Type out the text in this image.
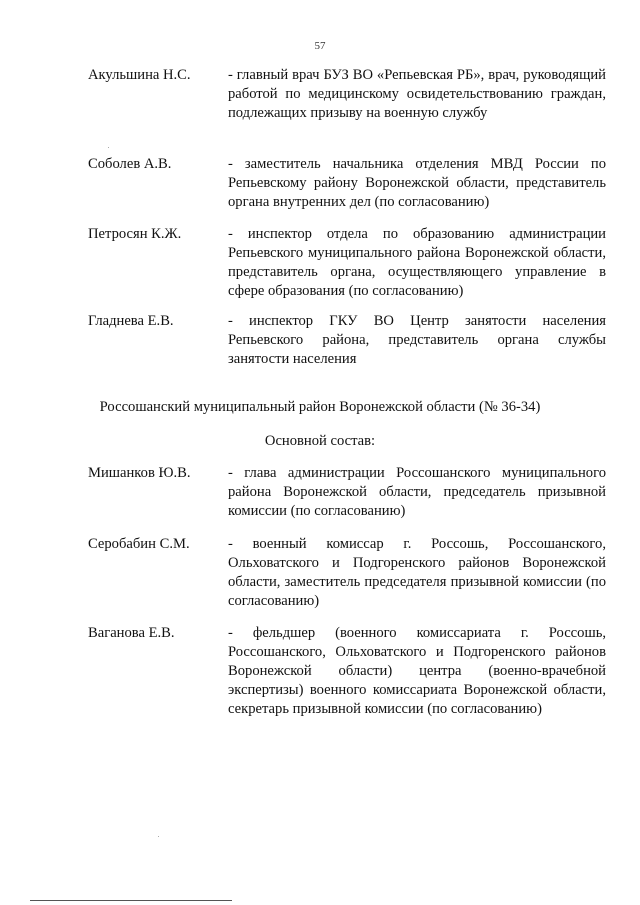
57
Акульшина Н.С.	- главный врач БУЗ ВО «Репьевская РБ», врач, руководящий работой по медицинскому освидетельствованию граждан, подлежащих призыву на военную службу
Соболев А.В.	- заместитель начальника отделения МВД России по Репьевскому району Воронежской области, представитель органа внутренних дел (по согласованию)
Петросян К.Ж.	- инспектор отдела по образованию администрации Репьевского муниципального района Воронежской области, представитель органа, осуществляющего управление в сфере образования (по согласованию)
Гладнева Е.В.	- инспектор ГКУ ВО Центр занятости населения Репьевского района, представитель органа службы занятости населения
Россошанский муниципальный район Воронежской области (№ 36-34)
Основной состав:
Мишанков Ю.В.	- глава администрации Россошанского муниципального района Воронежской области, председатель призывной комиссии (по согласованию)
Серобабин С.М.	- военный комиссар г. Россошь, Россошанского, Ольховатского и Подгоренского районов Воронежской области, заместитель председателя призывной комиссии (по согласованию)
Ваганова Е.В.	- фельдшер (военного комиссариата г. Россошь, Россошанского, Ольховатского и Подгоренского районов Воронежской области) центра (военно-врачебной экспертизы) военного комиссариата Воронежской области, секретарь призывной комиссии (по согласованию)
